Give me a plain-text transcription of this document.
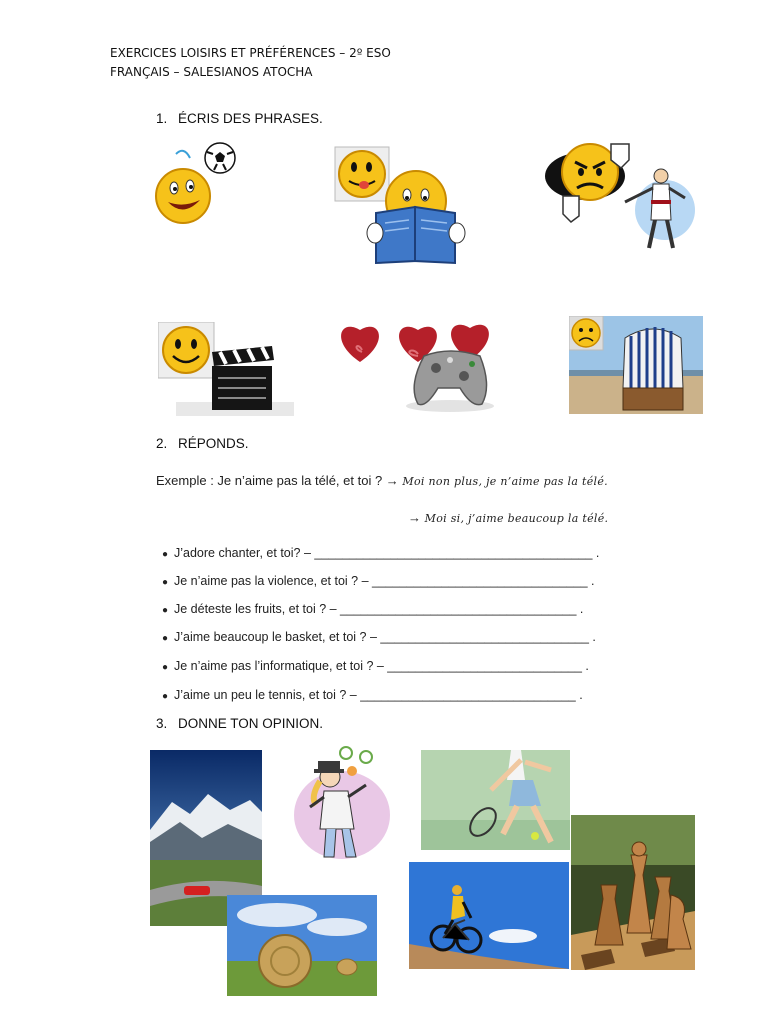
EXERCICES LOISIRS ET PRÉFÉRENCES – 2º ESO
FRANÇAIS – SALESIANOS ATOCHA
1. ÉCRIS DES PHRASES.
2. RÉPONDS.
Exemple : Je n’aime pas la télé, et toi ? → Moi non plus, je n’aime pas la télé.
→ Moi si, j’aime beaucoup la télé.
● J’adore chanter, et toi? – ________________________________________ .
● Je n’aime pas la violence, et toi ? – _______________________________ .
● Je déteste les fruits, et toi ? – __________________________________ .
● J’aime beaucoup le basket, et toi ? – ______________________________ .
● Je n’aime pas l’informatique, et toi ? – ____________________________ .
● J’aime un peu le tennis, et toi ? – _______________________________ .
3. DONNE TON OPINION.
